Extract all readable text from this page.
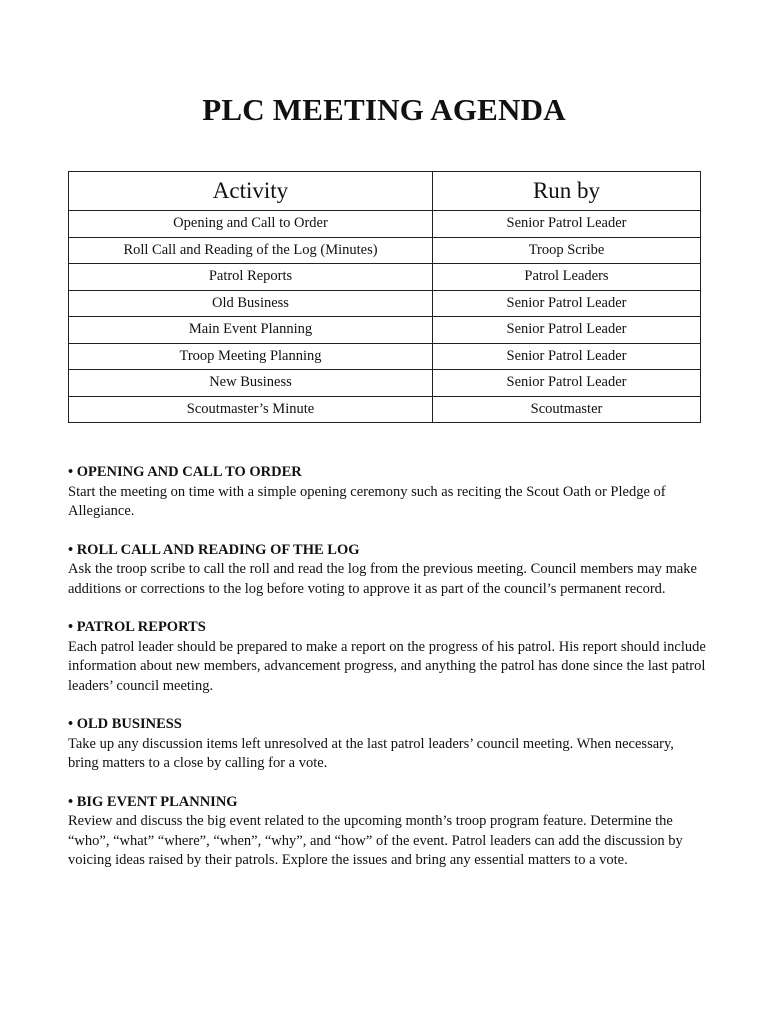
PLC MEETING AGENDA
Activity	Run by
Opening and Call to Order	Senior Patrol Leader
Roll Call and Reading of the Log (Minutes)	Troop Scribe
Patrol Reports	Patrol Leaders
Old Business	Senior Patrol Leader
Main Event Planning	Senior Patrol Leader
Troop Meeting Planning	Senior Patrol Leader
New Business	Senior Patrol Leader
Scoutmaster’s Minute	Scoutmaster
• OPENING AND CALL TO ORDER
Start the meeting on time with a simple opening ceremony such as reciting the Scout Oath or Pledge of Allegiance.
• ROLL CALL AND READING OF THE LOG
Ask the troop scribe to call the roll and read the log from the previous meeting. Council members may make additions or corrections to the log before voting to approve it as part of the council’s permanent record.
• PATROL REPORTS
Each patrol leader should be prepared to make a report on the progress of his patrol. His report should include information about new members, advancement progress, and anything the patrol has done since the last patrol leaders’ council meeting.
• OLD BUSINESS
Take up any discussion items left unresolved at the last patrol leaders’ council meeting. When necessary, bring matters to a close by calling for a vote.
• BIG EVENT PLANNING
Review and discuss the big event related to the upcoming month’s troop program feature. Determine the “who”, “what” “where”, “when”, “why”, and “how” of the event. Patrol leaders can add the discussion by voicing ideas raised by their patrols. Explore the issues and bring any essential matters to a vote.
